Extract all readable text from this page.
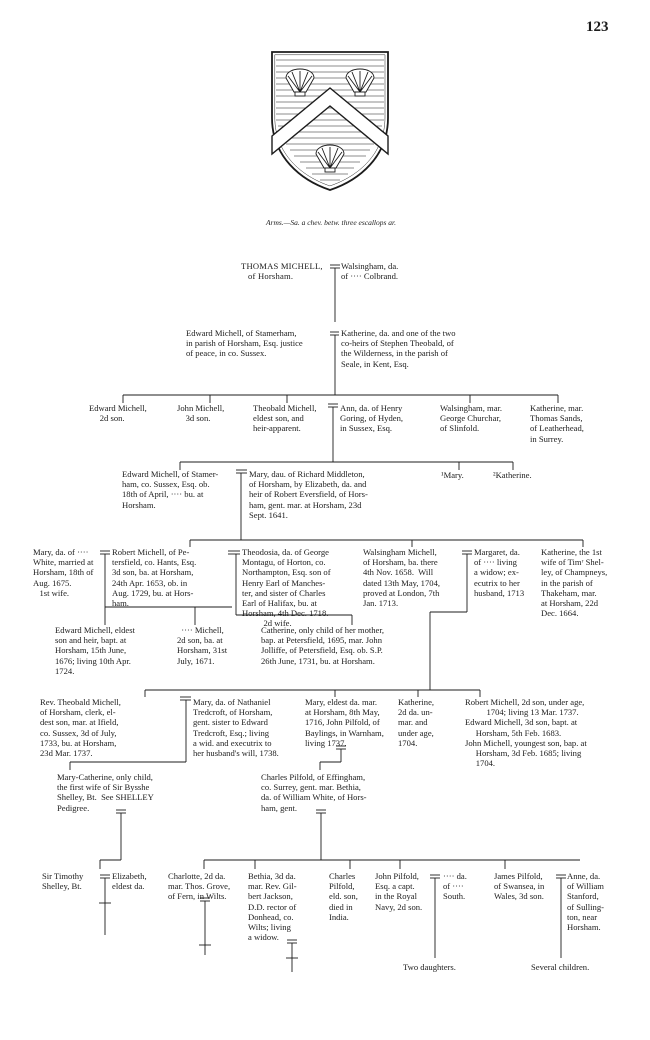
123
Arms.—Sa. a chev. betw. three escallops ar.
THOMAS MICHELL,
of Horsham.
Walsingham, da.
of ···· Colbrand.
Edward Michell, of Stamerham,
in parish of Horsham, Esq. justice
of peace, in co. Sussex.
Katherine, da. and one of the two
co-heirs of Stephen Theobald, of
the Wilderness, in the parish of
Seale, in Kent, Esq.
Edward Michell,
2d son.
John Michell,
3d son.
Theobald Michell,
eldest son, and
heir-apparent.
Ann, da. of Henry
Goring, of Hyden,
in Sussex, Esq.
Walsingham, mar.
George Churchar,
of Slinfold.
Katherine, mar.
Thomas Sands,
of Leatherhead,
in Surrey.
Edward Michell, of Stamer-
ham, co. Sussex, Esq. ob.
18th of April, ···· bu. at
Horsham.
Mary, dau. of Richard Middleton,
of Horsham, by Elizabeth, da. and
heir of Robert Eversfield, of Hors-
ham, gent. mar. at Horsham, 23d
Sept. 1641.
¹Mary.	²Katherine.
Mary, da. of ····
White, married at
Horsham, 18th of
Aug. 1675.
1st wife.
Robert Michell, of Pe-
tersfield, co. Hants, Esq.
3d son, ba. at Horsham,
24th Apr. 1653, ob. in
Aug. 1729, bu. at Hors-
ham.
Theodosia, da. of George
Montagu, of Horton, co.
Northampton, Esq. son of
Henry Earl of Manches-
ter, and sister of Charles
Earl of Halifax, bu. at
Horsham, 4th Dec. 1718.
2d wife.
Walsingham Michell,
of Horsham, ba. there
4th Nov. 1658.  Will
dated 13th May, 1704,
proved at London, 7th
Jan. 1713.
Margaret, da.
of ···· living
a widow; ex-
ecutrix to her
husband, 1713
Katherine, the 1st
wife of Timʳ Shel-
ley, of Champneys,
in the parish of
Thakeham, mar.
at Horsham, 22d
Dec. 1664.
Edward Michell, eldest
son and heir, bapt. at
Horsham, 15th June,
1676; living 10th Apr.
1724.
···· Michell,
2d son, ba. at
Horsham, 31st
July, 1671.
Catherine, only child of her mother,
bap. at Petersfield, 1695, mar. John
Jolliffe, of Petersfield, Esq. ob. S.P.
26th June, 1731, bu. at Horsham.
Rev. Theobald Michell,
of Horsham, clerk, el-
dest son, mar. at Ifield,
co. Sussex, 3d of July,
1733, bu. at Horsham,
23d Mar. 1737.
Mary, da. of Nathaniel
Tredcroft, of Horsham,
gent. sister to Edward
Tredcroft, Esq.; living
a wid. and executrix to
her husband's will, 1738.
Mary, eldest da. mar.
at Horsham, 8th May,
1716, John Pilfold, of
Baylings, in Warnham,
living 1737.
Katherine,
2d da. un-
mar. and
under age,
1704.
Robert Michell, 2d son, under age,
1704; living 13 Mar. 1737.
Edward Michell, 3d son, bapt. at
Horsham, 5th Feb. 1683.
John Michell, youngest son, bap. at
Horsham, 3d Feb. 1685; living
1704.
Mary-Catherine, only child,
the first wife of Sir Bysshe
Shelley, Bt.  See SHELLEY
Pedigree.
Charles Pilfold, of Effingham,
co. Surrey, gent. mar. Bethia,
da. of William White, of Hors-
ham, gent.
Sir Timothy
Shelley, Bt.
Elizabeth,
eldest da.
Charlotte, 2d da.
mar. Thos. Grove,
of Fern, in Wilts.
Bethia, 3d da.
mar. Rev. Gil-
bert Jackson,
D.D. rector of
Donhead, co.
Wilts; living
a widow.
Charles
Pilfold,
eld. son,
died in
India.
John Pilfold,
Esq. a capt.
in the Royal
Navy, 2d son.
···· da.
of ····
South.
James Pilfold,
of Swansea, in
Wales, 3d son.
Anne, da.
of William
Stanford,
of Sulling-
ton, near
Horsham.
Two daughters.	Several children.
